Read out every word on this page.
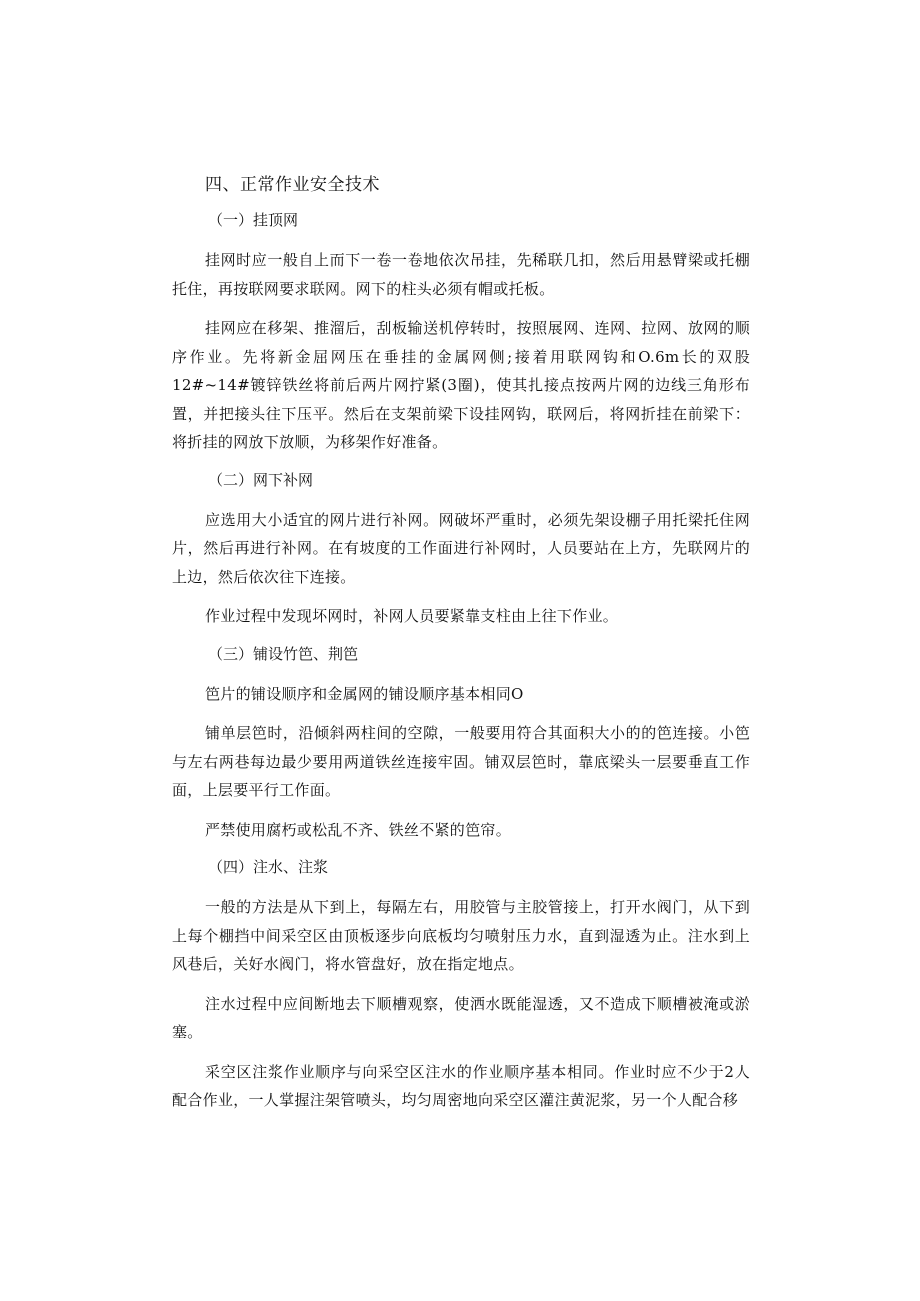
四、正常作业安全技术
（一）挂顶网

挂网时应一般自上而下一卷一卷地依次吊挂，先稀联几扣，然后用悬臂梁或托棚托住，再按联网要求联网。网下的柱头必须有帽或托板。

挂网应在移架、推溜后，刮板输送机停转时，按照展网、连网、拉网、放网的顺序作业。先将新金屈网压在垂挂的金属网侧;接着用联网钩和O.6m长的双股12#~14#镀锌铁丝将前后两片网拧紧(3圈)，使其扎接点按两片网的边线三角形布置，并把接头往下压平。然后在支架前梁下设挂网钩，联网后，将网折挂在前梁下：将折挂的网放下放顺，为移架作好准备。

（二）网下补网

应选用大小适宜的网片进行补网。网破坏严重时，必须先架设棚子用托梁托住网片，然后再进行补网。在有坡度的工作面进行补网时，人员要站在上方，先联网片的上边，然后依次往下连接。

作业过程中发现坏网时，补网人员要紧靠支柱由上往下作业。

（三）铺设竹笆、荆笆

笆片的铺设顺序和金属网的铺设顺序基本相同O

铺单层笆时，沿倾斜两柱间的空隙，一般要用符合其面积大小的的笆连接。小笆与左右两巷每边最少要用两道铁丝连接牢固。铺双层笆时，靠底梁头一层要垂直工作面，上层要平行工作面。

严禁使用腐朽或松乱不齐、铁丝不紧的笆帘。

（四）注水、注浆

一般的方法是从下到上，每隔左右，用胶管与主胶管接上，打开水阀门，从下到上每个棚挡中间采空区由顶板逐步向底板均匀喷射压力水，直到湿透为止。注水到上风巷后，关好水阀门，将水管盘好，放在指定地点。

注水过程中应间断地去下顺槽观察，使洒水既能湿透，又不造成下顺槽被淹或淤塞。

采空区注浆作业顺序与向采空区注水的作业顺序基本相同。作业时应不少于2人配合作业，一人掌握注架管喷头，均匀周密地向采空区灌注黄泥浆，另一个人配合移
